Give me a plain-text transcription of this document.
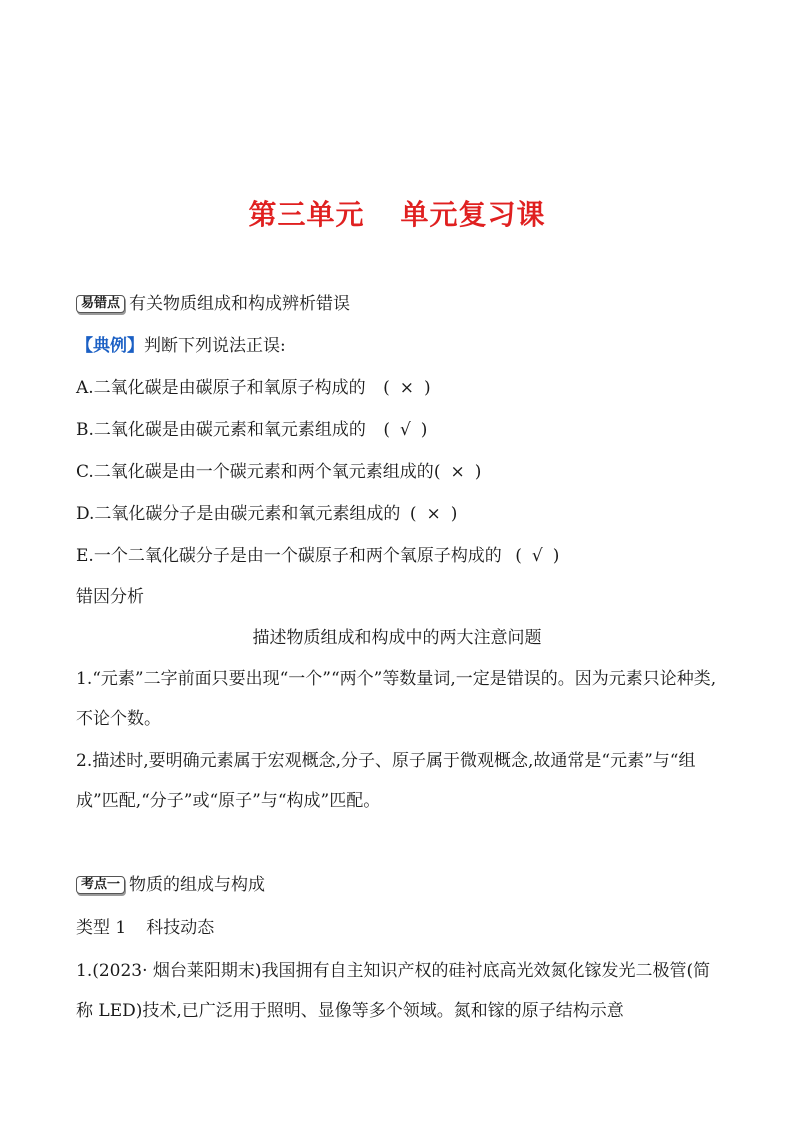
第三单元 单元复习课
易错点 有关物质组成和构成辨析错误
【典例】判断下列说法正误:
A.二氧化碳是由碳原子和氧原子构成的 ( × )
B.二氧化碳是由碳元素和氧元素组成的 ( √ )
C.二氧化碳是由一个碳元素和两个氧元素组成的( × )
D.二氧化碳分子是由碳元素和氧元素组成的 ( × )
E.一个二氧化碳分子是由一个碳原子和两个氧原子构成的 ( √ )
错因分析
描述物质组成和构成中的两大注意问题
1.“元素”二字前面只要出现“一个”“两个”等数量词,一定是错误的。因为元素只论种类,不论个数。
2.描述时,要明确元素属于宏观概念,分子、原子属于微观概念,故通常是“元素”与“组成”匹配,“分子”或“原子”与“构成”匹配。
考点一 物质的组成与构成
类型 1 科技动态
1.(2023· 烟台莱阳期末)我国拥有自主知识产权的硅衬底高光效氮化镓发光二极管(简称 LED)技术,已广泛用于照明、显像等多个领域。氮和镓的原子结构示意
